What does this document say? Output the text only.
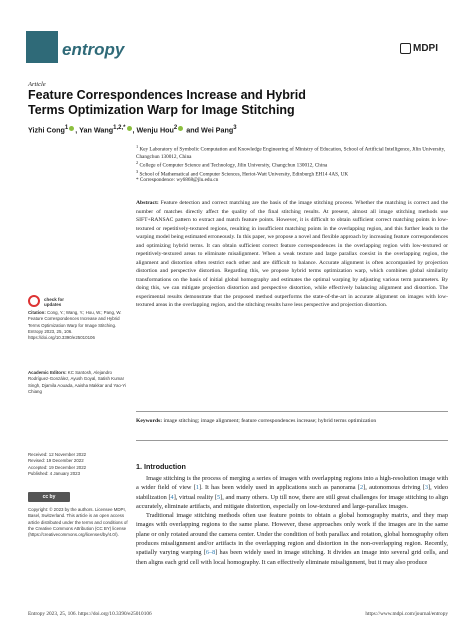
entropy	MDPI
Article
Feature Correspondences Increase and Hybrid Terms Optimization Warp for Image Stitching
Yizhi Cong$^1$ , Yan Wang$^{1,2,*}$ , Wenju Hou$^2$ and Wei Pang$^3$
$^1$ Key Laboratory of Symbolic Computation and Knowledge Engineering of Ministry of Education, School of Artificial Intelligence, Jilin University, Changchun 130012, China
$^2$ College of Computer Science and Technology, Jilin University, Changchun 130012, China
$^3$ School of Mathematical and Computer Sciences, Heriot-Watt University, Edinburgh EH14 4AS, UK
* Correspondence: wy6868@jlu.edu.cn
Abstract: Feature detection and correct matching are the basis of the image stitching process. Whether the matching is correct and the number of matches directly affect the quality of the final stitching results. At present, almost all image stitching methods use SIFT+RANSAC pattern to extract and match feature points. However, it is difficult to obtain sufficient correct matching points in low-textured or repetitively-textured regions, resulting in insufficient matching points in the overlapping region, and this further leads to the warping model being estimated erroneously. In this paper, we propose a novel and flexible approach by increasing feature correspondences and optimizing hybrid terms. It can obtain sufficient correct feature correspondences in the overlapping region with low-textured or repetitively-textured areas to eliminate misalignment. When a weak texture and large parallax coexist in the overlapping region, the alignment and distortion often restrict each other and are difficult to balance. Accurate alignment is often accompanied by projection distortion and perspective distortion. Regarding this, we propose hybrid terms optimization warp, which combines global similarity transformations on the basis of initial global homography and estimates the optimal warping by adjusting various term parameters. By doing this, we can mitigate projection distortion and perspective distortion, while effectively balancing alignment and distortion. The experimental results demonstrate that the proposed method outperforms the state-of-the-art in accurate alignment on images with low-textured areas in the overlapping region, and the stitching results have less perspective and projection distortion.
Keywords: image stitching; image alignment; feature correspondences increase; hybrid terms optimization
check for
updates
Citation: Cong, Y.; Wang, Y.; Hou, W.; Pang, W. Feature Correspondences Increase and Hybrid Terms Optimization Warp for Image Stitching. Entropy 2023, 25, 106. https://doi.org/10.3390/e25010106
Academic Editors: KC Santosh, Alejandro Rodríguez-González, Ayush Goyal, Satish Kumar Singh, Djamila Aouada, Aaisha Makkar and Yao-Yi Chiang
Received: 12 November 2022
Revised: 19 December 2022
Accepted: 19 December 2022
Published: 4 January 2023
cc by
Copyright: © 2023 by the authors. Licensee MDPI, Basel, Switzerland. This article is an open access article distributed under the terms and conditions of the Creative Commons Attribution (CC BY) license (https://creativecommons.org/licenses/by/4.0/).
1. Introduction

Image stitching is the process of merging a series of images with overlapping regions into a high-resolution image with a wider field of view [1]. It has been widely used in applications such as panorama [2], autonomous driving [3], video stabilization [4], virtual reality [5], and many others. Up till now, there are still great challenges for image stitching to align accurately, eliminate artifacts, and mitigate distortion, especially on low-textured and large-parallax images.

Traditional image stitching methods often use feature points to obtain a global homography matrix, and they map images with overlapping regions to the same plane. However, these approaches only work if the images are in the same plane or only rotated around the camera center. Under the condition of both parallax and rotation, global homography often produces misalignment and/or artifacts in the overlapping region and distortion in the non-overlapping region. Recently, spatially varying warping [6–8] has been widely used in image stitching. It divides an image into several grid cells, and then aligns each grid cell with local homography. It can effectively eliminate misalignment, but it may also produce

Entropy 2023, 25, 106. https://doi.org/10.3390/e25010106	https://www.mdpi.com/journal/entropy
